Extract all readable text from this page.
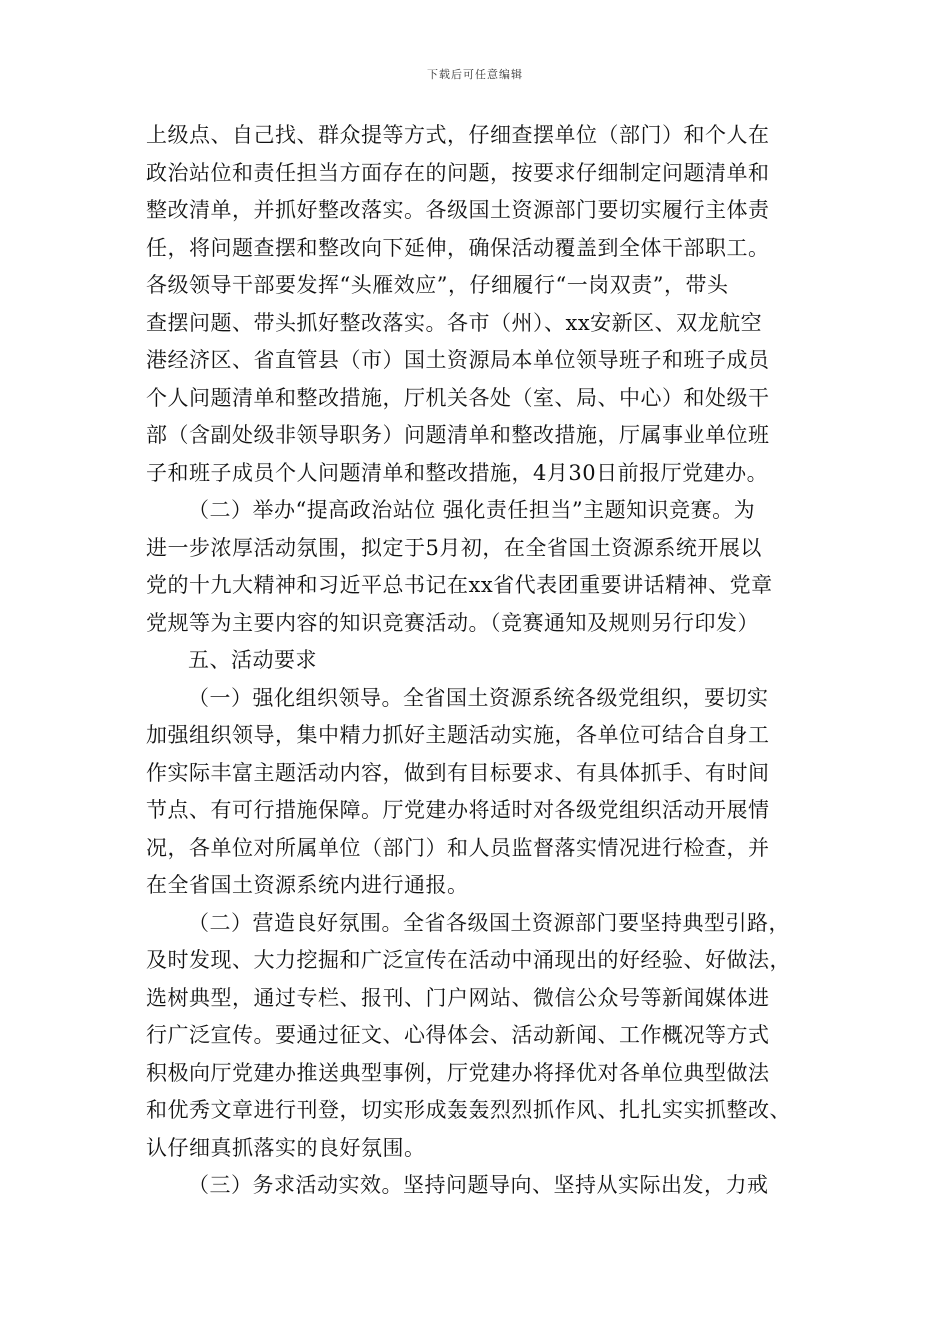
下载后可任意编辑

上级点、自己找、群众提等方式，仔细查摆单位（部门）和个人在
政治站位和责任担当方面存在的问题，按要求仔细制定问题清单和
整改清单，并抓好整改落实。各级国土资源部门要切实履行主体责
任，将问题查摆和整改向下延伸，确保活动覆盖到全体干部职工。
各级领导干部要发挥“头雁效应”，仔细履行“一岗双责”，带头
查摆问题、带头抓好整改落实。各市（州）、xx安新区、双龙航空
港经济区、省直管县（市）国土资源局本单位领导班子和班子成员
个人问题清单和整改措施，厅机关各处（室、局、中心）和处级干
部（含副处级非领导职务）问题清单和整改措施，厅属事业单位班
子和班子成员个人问题清单和整改措施，4月30日前报厅党建办。

（二）举办“提高政治站位 强化责任担当”主题知识竞赛。为
进一步浓厚活动氛围，拟定于5月初，在全省国土资源系统开展以
党的十九大精神和习近平总书记在xx省代表团重要讲话精神、党章
党规等为主要内容的知识竞赛活动。（竞赛通知及规则另行印发）

五、活动要求

（一）强化组织领导。全省国土资源系统各级党组织，要切实
加强组织领导，集中精力抓好主题活动实施，各单位可结合自身工
作实际丰富主题活动内容，做到有目标要求、有具体抓手、有时间
节点、有可行措施保障。厅党建办将适时对各级党组织活动开展情
况，各单位对所属单位（部门）和人员监督落实情况进行检查，并
在全省国土资源系统内进行通报。

（二）营造良好氛围。全省各级国土资源部门要坚持典型引路，
及时发现、大力挖掘和广泛宣传在活动中涌现出的好经验、好做法，
选树典型，通过专栏、报刊、门户网站、微信公众号等新闻媒体进
行广泛宣传。要通过征文、心得体会、活动新闻、工作概况等方式
积极向厅党建办推送典型事例，厅党建办将择优对各单位典型做法
和优秀文章进行刊登，切实形成轰轰烈烈抓作风、扎扎实实抓整改、
认仔细真抓落实的良好氛围。

（三）务求活动实效。坚持问题导向、坚持从实际出发，力戒
